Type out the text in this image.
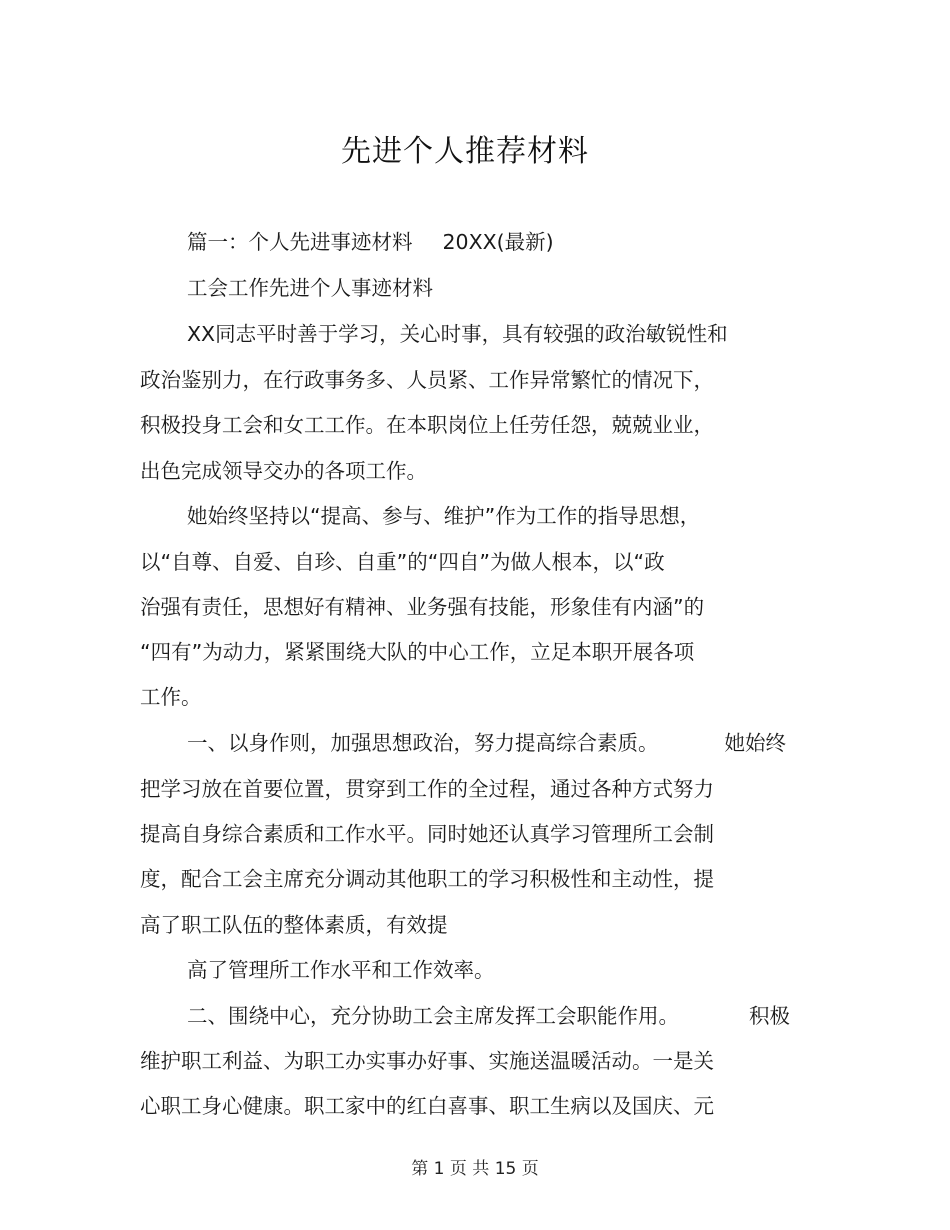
先进个人推荐材料
篇一：个人先进事迹材料 20XX(最新)
工会工作先进个人事迹材料
XX同志平时善于学习，关心时事，具有较强的政治敏锐性和
政治鉴别力，在行政事务多、人员紧、工作异常繁忙的情况下，
积极投身工会和女工工作。在本职岗位上任劳任怨，兢兢业业，
出色完成领导交办的各项工作。
她始终坚持以“提高、参与、维护”作为工作的指导思想，
以“自尊、自爱、自珍、自重”的“四自”为做人根本，以“政
治强有责任，思想好有精神、业务强有技能，形象佳有内涵”的
“四有”为动力，紧紧围绕大队的中心工作，立足本职开展各项
工作。
一、以身作则，加强思想政治，努力提高综合素质。	她始终
把学习放在首要位置，贯穿到工作的全过程，通过各种方式努力
提高自身综合素质和工作水平。同时她还认真学习管理所工会制
度，配合工会主席充分调动其他职工的学习积极性和主动性，提
高了职工队伍的整体素质，有效提
高了管理所工作水平和工作效率。
二、围绕中心，充分协助工会主席发挥工会职能作用。	积极
维护职工利益、为职工办实事办好事、实施送温暖活动。一是关
心职工身心健康。职工家中的红白喜事、职工生病以及国庆、元
第 1 页 共 15 页
